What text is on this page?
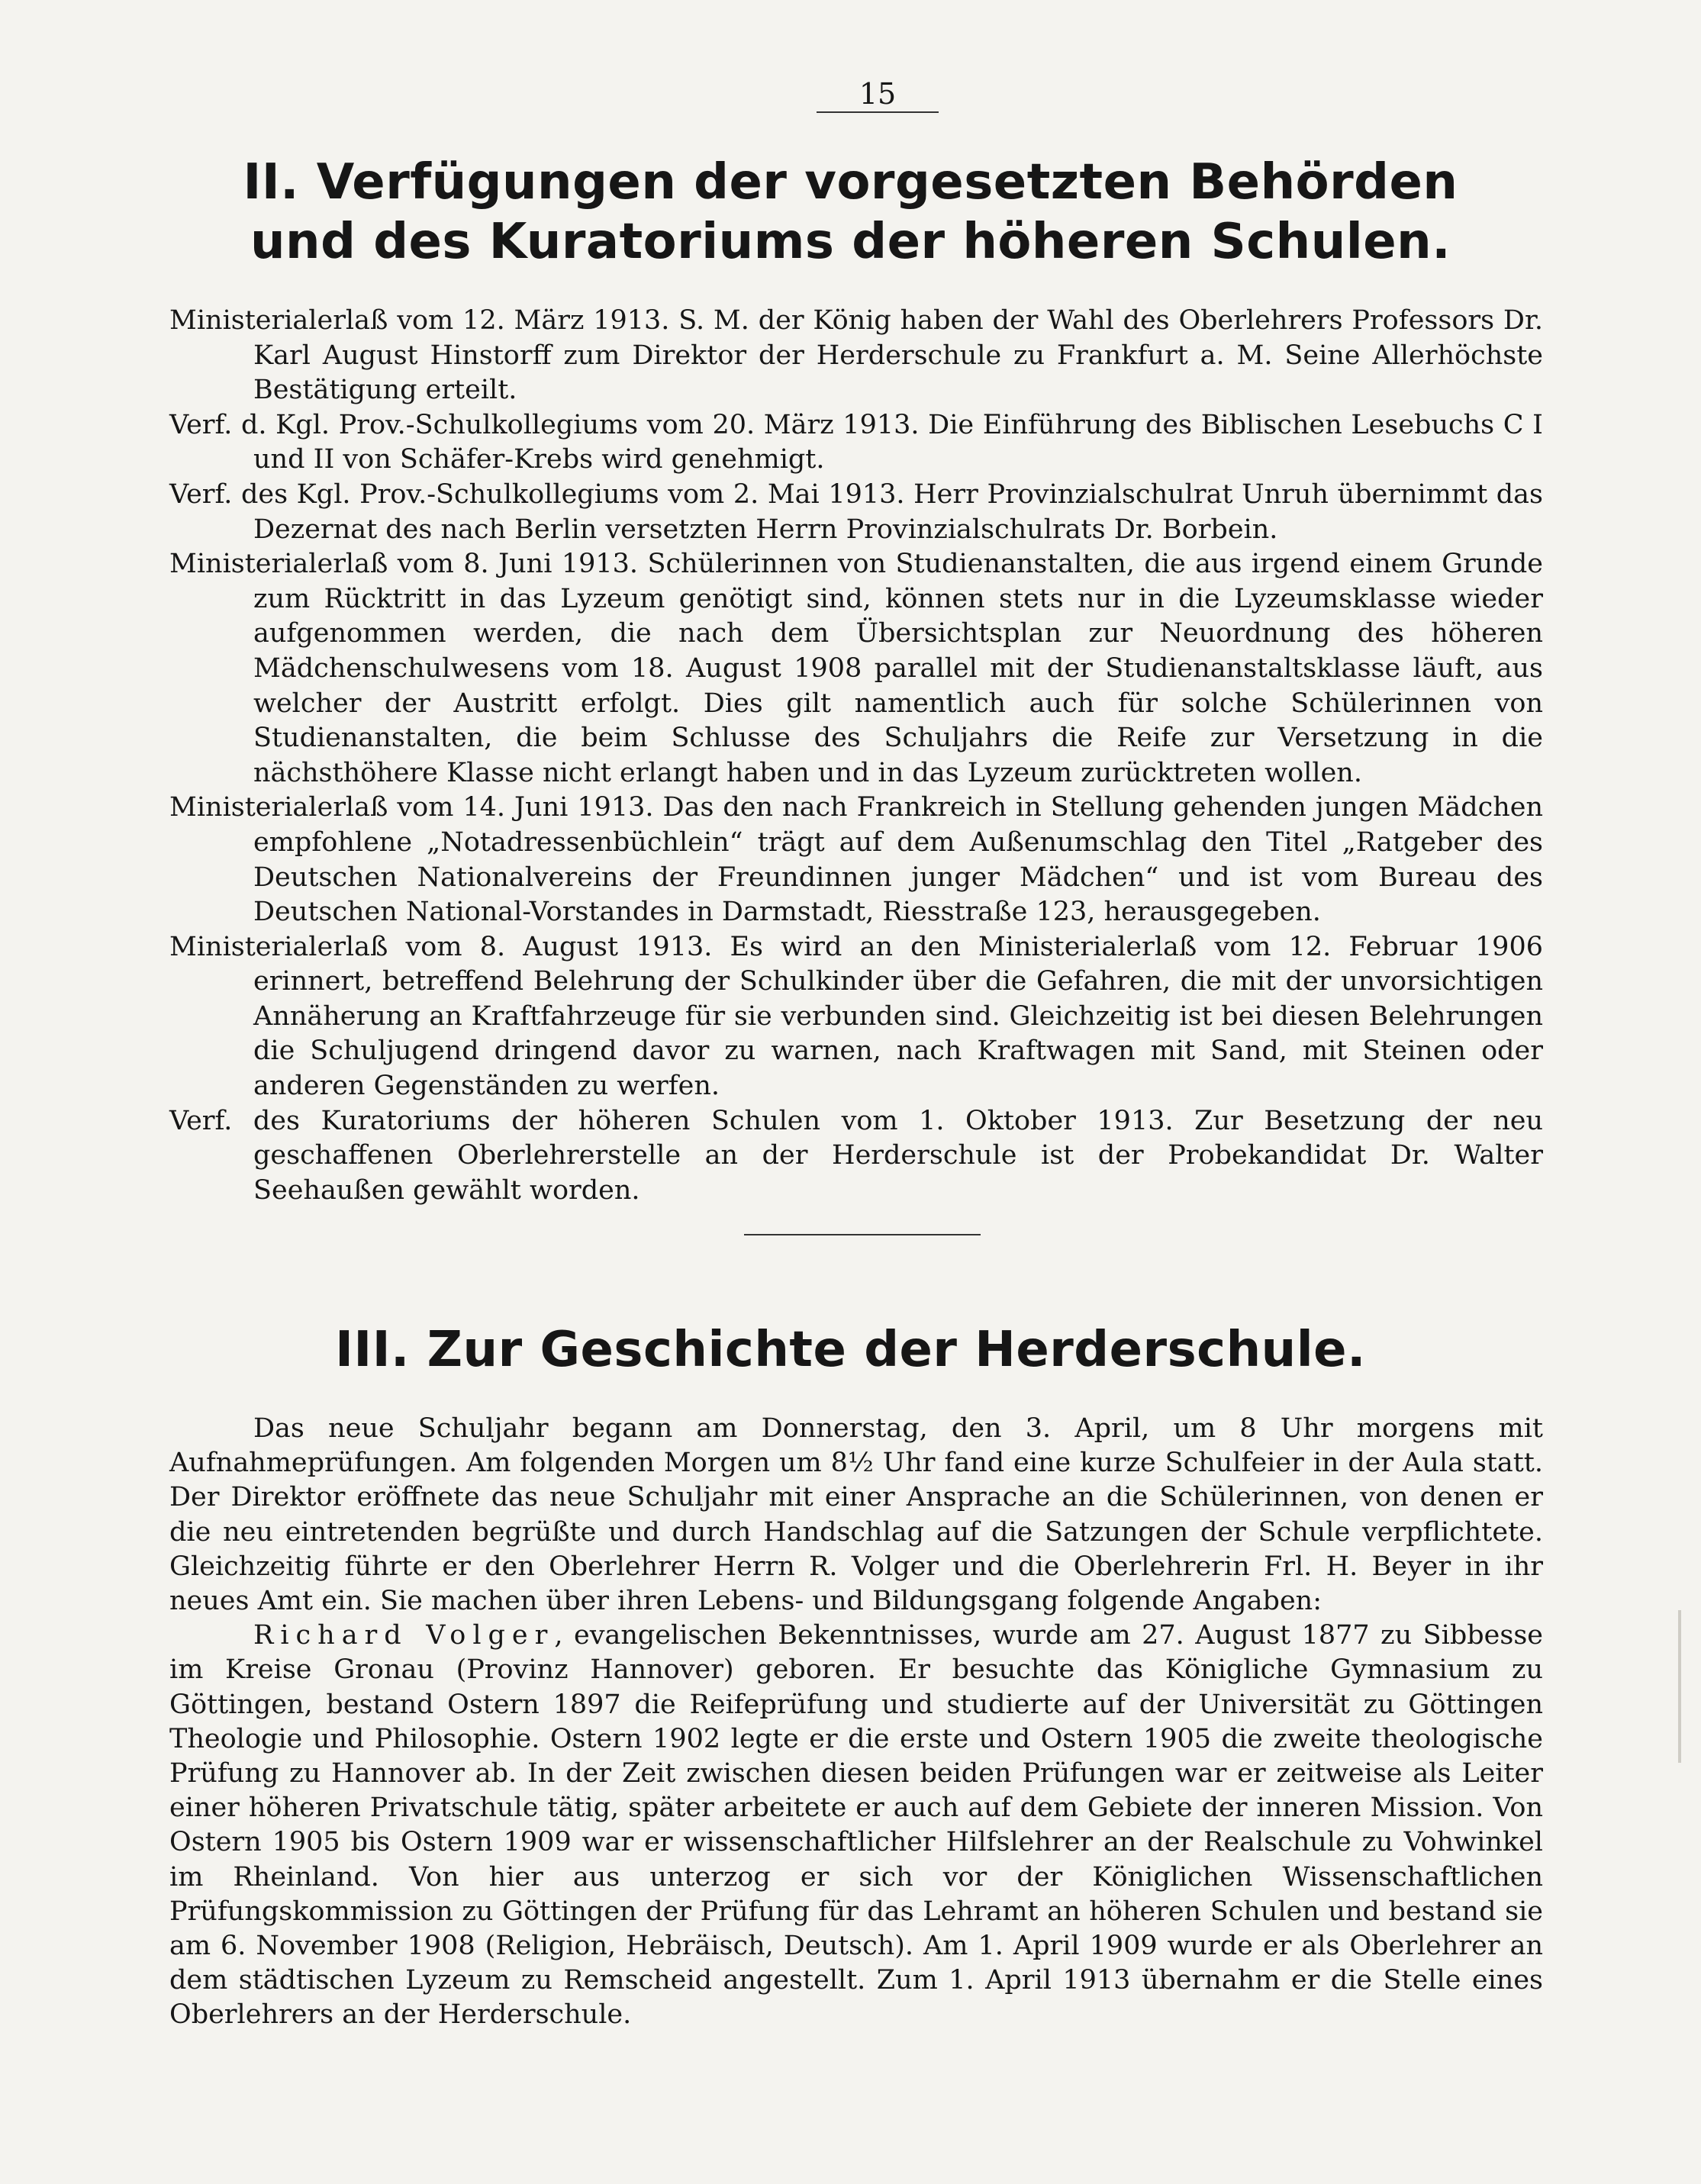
15
II. Verfügungen der vorgesetzten Behörden
und des Kuratoriums der höheren Schulen.

Ministerialerlaß vom 12. März 1913. S. M. der König haben der Wahl des Oberlehrers Professors Dr. Karl August Hinstorff zum Direktor der Herderschule zu Frankfurt a. M. Seine Allerhöchste Bestätigung erteilt.

Verf. d. Kgl. Prov.-Schulkollegiums vom 20. März 1913. Die Einführung des Biblischen Lesebuchs C I und II von Schäfer-Krebs wird genehmigt.

Verf. des Kgl. Prov.-Schulkollegiums vom 2. Mai 1913. Herr Provinzialschulrat Unruh übernimmt das Dezernat des nach Berlin versetzten Herrn Provinzialschulrats Dr. Borbein.

Ministerialerlaß vom 8. Juni 1913. Schülerinnen von Studienanstalten, die aus irgend einem Grunde zum Rücktritt in das Lyzeum genötigt sind, können stets nur in die Lyzeumsklasse wieder aufgenommen werden, die nach dem Übersichtsplan zur Neuordnung des höheren Mädchenschulwesens vom 18. August 1908 parallel mit der Studienanstaltsklasse läuft, aus welcher der Austritt erfolgt. Dies gilt namentlich auch für solche Schülerinnen von Studienanstalten, die beim Schlusse des Schuljahrs die Reife zur Versetzung in die nächsthöhere Klasse nicht erlangt haben und in das Lyzeum zurücktreten wollen.

Ministerialerlaß vom 14. Juni 1913. Das den nach Frankreich in Stellung gehenden jungen Mädchen empfohlene „Notadressenbüchlein“ trägt auf dem Außenumschlag den Titel „Ratgeber des Deutschen Nationalvereins der Freundinnen junger Mädchen“ und ist vom Bureau des Deutschen National-Vorstandes in Darmstadt, Riesstraße 123, herausgegeben.

Ministerialerlaß vom 8. August 1913. Es wird an den Ministerialerlaß vom 12. Februar 1906 erinnert, betreffend Belehrung der Schulkinder über die Gefahren, die mit der unvorsichtigen Annäherung an Kraftfahrzeuge für sie verbunden sind. Gleichzeitig ist bei diesen Belehrungen die Schuljugend dringend davor zu warnen, nach Kraftwagen mit Sand, mit Steinen oder anderen Gegenständen zu werfen.

Verf. des Kuratoriums der höheren Schulen vom 1. Oktober 1913. Zur Besetzung der neu geschaffenen Oberlehrerstelle an der Herderschule ist der Probekandidat Dr. Walter Seehaußen gewählt worden.

III. Zur Geschichte der Herderschule.

Das neue Schuljahr begann am Donnerstag, den 3. April, um 8 Uhr morgens mit Aufnahmeprüfungen. Am folgenden Morgen um 8½ Uhr fand eine kurze Schulfeier in der Aula statt. Der Direktor eröffnete das neue Schuljahr mit einer Ansprache an die Schülerinnen, von denen er die neu eintretenden begrüßte und durch Handschlag auf die Satzungen der Schule verpflichtete. Gleichzeitig führte er den Oberlehrer Herrn R. Volger und die Oberlehrerin Frl. H. Beyer in ihr neues Amt ein. Sie machen über ihren Lebens- und Bildungsgang folgende Angaben:

Richard Volger, evangelischen Bekenntnisses, wurde am 27. August 1877 zu Sibbesse im Kreise Gronau (Provinz Hannover) geboren. Er besuchte das Königliche Gymnasium zu Göttingen, bestand Ostern 1897 die Reifeprüfung und studierte auf der Universität zu Göttingen Theologie und Philosophie. Ostern 1902 legte er die erste und Ostern 1905 die zweite theologische Prüfung zu Hannover ab. In der Zeit zwischen diesen beiden Prüfungen war er zeitweise als Leiter einer höheren Privatschule tätig, später arbeitete er auch auf dem Gebiete der inneren Mission. Von Ostern 1905 bis Ostern 1909 war er wissenschaftlicher Hilfslehrer an der Realschule zu Vohwinkel im Rheinland. Von hier aus unterzog er sich vor der Königlichen Wissenschaftlichen Prüfungskommission zu Göttingen der Prüfung für das Lehramt an höheren Schulen und bestand sie am 6. November 1908 (Religion, Hebräisch, Deutsch). Am 1. April 1909 wurde er als Oberlehrer an dem städtischen Lyzeum zu Remscheid angestellt. Zum 1. April 1913 übernahm er die Stelle eines Oberlehrers an der Herderschule.
